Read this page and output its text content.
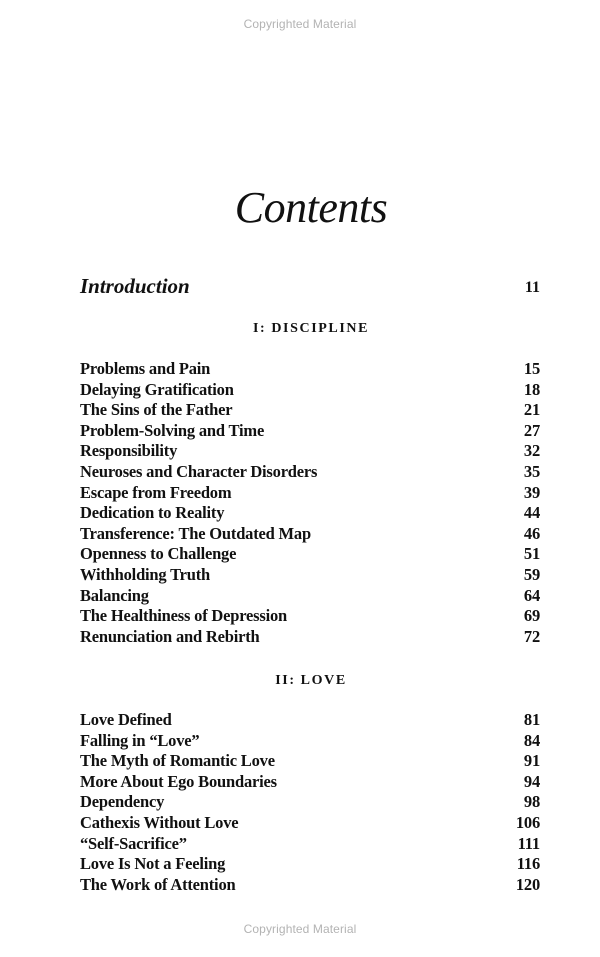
Copyrighted Material
Contents
Introduction	11
I: DISCIPLINE
Problems and Pain	15
Delaying Gratification	18
The Sins of the Father	21
Problem-Solving and Time	27
Responsibility	32
Neuroses and Character Disorders	35
Escape from Freedom	39
Dedication to Reality	44
Transference: The Outdated Map	46
Openness to Challenge	51
Withholding Truth	59
Balancing	64
The Healthiness of Depression	69
Renunciation and Rebirth	72
II: LOVE
Love Defined	81
Falling in “Love”	84
The Myth of Romantic Love	91
More About Ego Boundaries	94
Dependency	98
Cathexis Without Love	106
“Self-Sacrifice”	111
Love Is Not a Feeling	116
The Work of Attention	120
Copyrighted Material
